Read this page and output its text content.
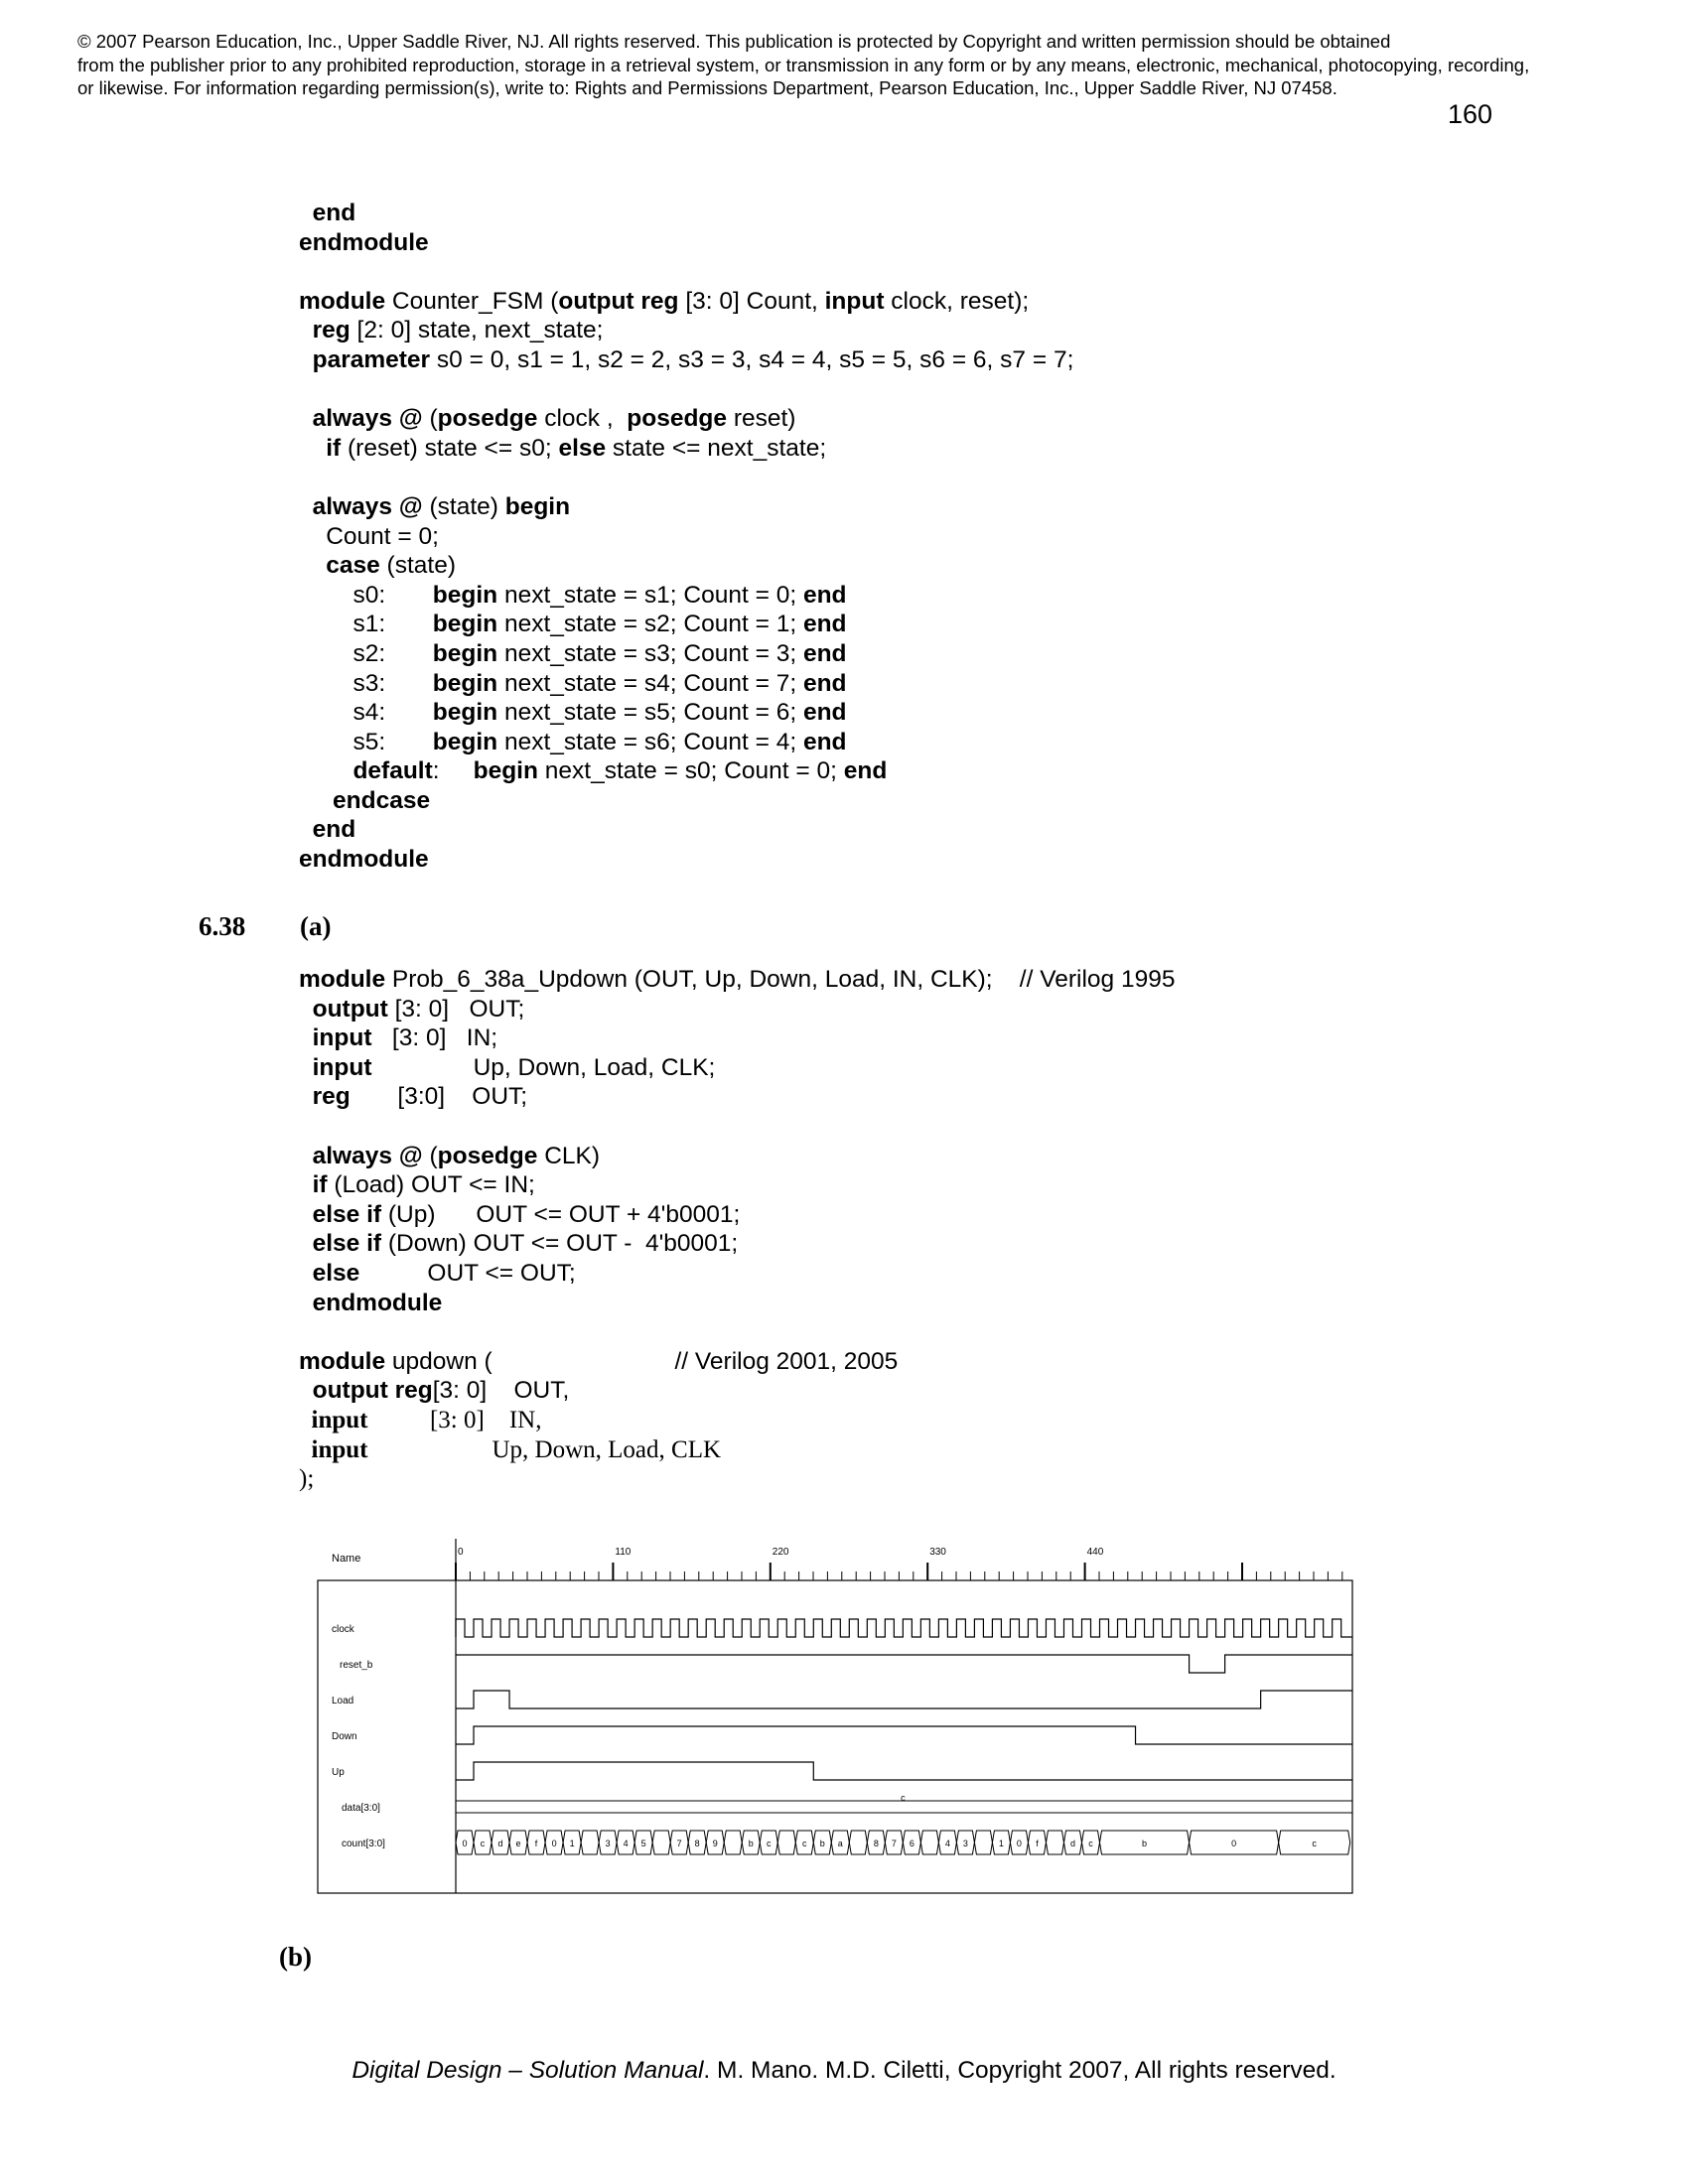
© 2007 Pearson Education, Inc., Upper Saddle River, NJ. All rights reserved. This publication is protected by Copyright and written permission should be obtained
from the publisher prior to any prohibited reproduction, storage in a retrieval system, or transmission in any form or by any means, electronic, mechanical, photocopying, recording,
or likewise. For information regarding permission(s), write to: Rights and Permissions Department, Pearson Education, Inc., Upper Saddle River, NJ 07458.
160
end
endmodule

module Counter_FSM (output reg [3: 0] Count, input clock, reset);
reg [2: 0] state, next_state;
parameter s0 = 0, s1 = 1, s2 = 2, s3 = 3, s4 = 4, s5 = 5, s6 = 6, s7 = 7;

always @ (posedge clock ,  posedge reset)
if (reset) state <= s0; else state <= next_state;

always @ (state) begin
Count = 0;
case (state)
s0:       begin next_state = s1; Count = 0; end
s1:       begin next_state = s2; Count = 1; end
s2:       begin next_state = s3; Count = 3; end
s3:       begin next_state = s4; Count = 7; end
s4:       begin next_state = s5; Count = 6; end
s5:       begin next_state = s6; Count = 4; end
default:     begin next_state = s0; Count = 0; end
endcase
end
endmodule
6.38 (a)
module Prob_6_38a_Updown (OUT, Up, Down, Load, IN, CLK);    // Verilog 1995
output [3: 0]   OUT;
input   [3: 0]   IN;
input               Up, Down, Load, CLK;
reg       [3:0]    OUT;

always @ (posedge CLK)
if (Load) OUT <= IN;
else if (Up)      OUT <= OUT + 4'b0001;
else if (Down) OUT <= OUT -  4'b0001;
else          OUT <= OUT;
endmodule

module updown (                           // Verilog 2001, 2005
output reg[3: 0]    OUT,
input          [3: 0]    IN,
input                    Up, Down, Load, CLK
);
Name
0	110	220	330	440
clock
reset_b
Load
Down
Up
data[3:0]
count[3:0]
c
0 c d e f 0 1	3 4 5	7 8 9	b c	c b a	8 7 6	4 3	1 0 f	d c	b	0	c
(b)
Digital Design – Solution Manual. M. Mano. M.D. Ciletti, Copyright 2007, All rights reserved.
